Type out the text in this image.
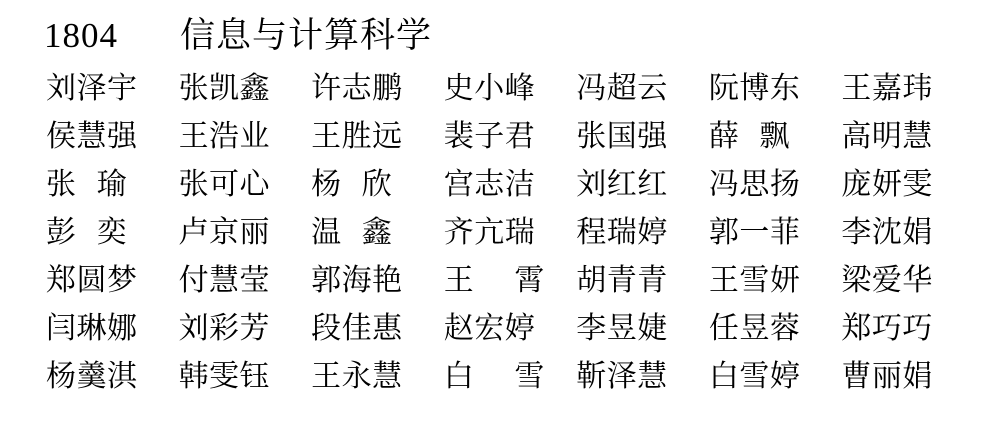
1804 信息与计算科学
刘泽宇	张凯鑫	许志鹏	史小峰	冯超云	阮博东	王嘉玮
侯慧强	王浩业	王胜远	裴子君	张国强	薛  飘	高明慧
张  瑜	张可心	杨  欣	宫志洁	刘红红	冯思扬	庞妍雯
彭  奕	卢京丽	温  鑫	齐亢瑞	程瑞婷	郭一菲	李沈娟
郑圆梦	付慧莹	郭海艳	王    霄	胡青青	王雪妍	梁爱华
闫琳娜	刘彩芳	段佳惠	赵宏婷	李昱婕	任昱蓉	郑巧巧
杨羹淇	韩雯钰	王永慧	白    雪	靳泽慧	白雪婷	曹丽娟
